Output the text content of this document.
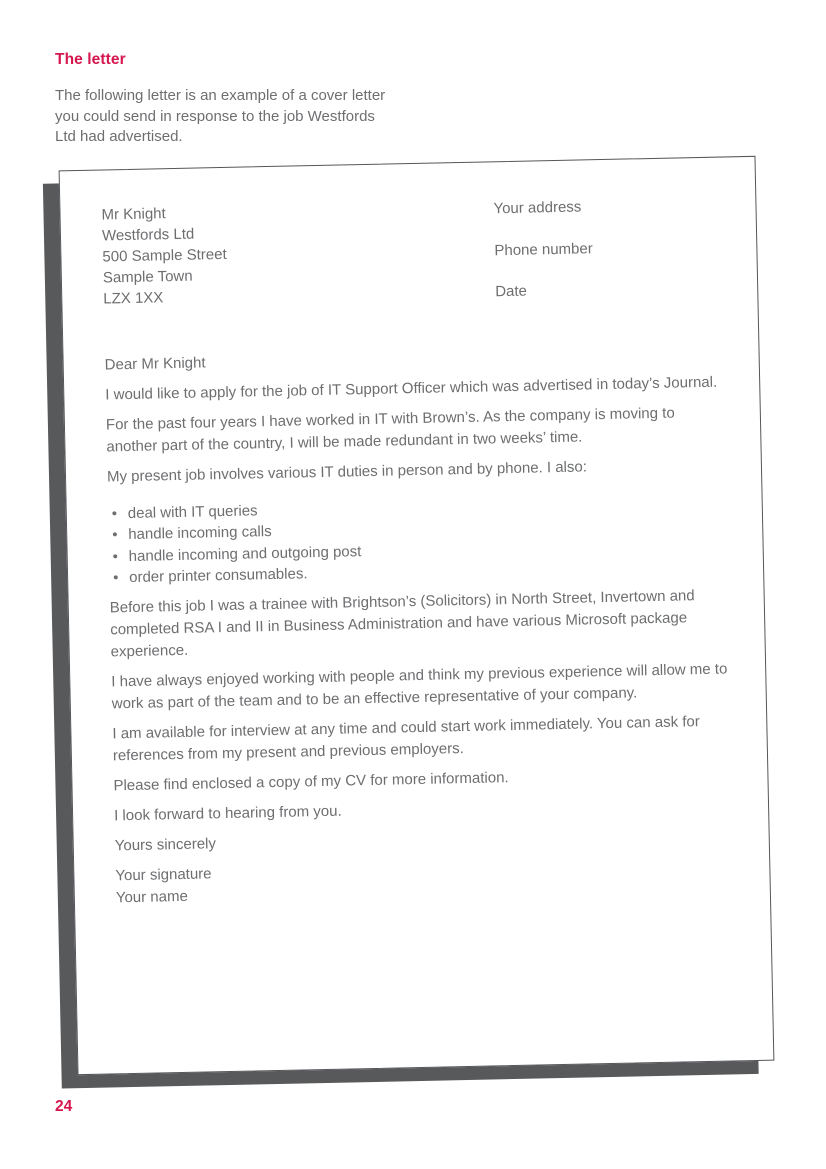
The letter

The following letter is an example of a cover letter you could send in response to the job Westfords Ltd had advertised.

Mr Knight
Westfords Ltd
500 Sample Street
Sample Town
LZX 1XX
Your address
Phone number
Date

Dear Mr Knight

I would like to apply for the job of IT Support Officer which was advertised in today’s Journal.

For the past four years I have worked in IT with Brown’s. As the company is moving to another part of the country, I will be made redundant in two weeks’ time.

My present job involves various IT duties in person and by phone. I also:

• deal with IT queries
• handle incoming calls
• handle incoming and outgoing post
• order printer consumables.

Before this job I was a trainee with Brightson’s (Solicitors) in North Street, Invertown and completed RSA I and II in Business Administration and have various Microsoft package experience.

I have always enjoyed working with people and think my previous experience will allow me to work as part of the team and to be an effective representative of your company.

I am available for interview at any time and could start work immediately. You can ask for references from my present and previous employers.

Please find enclosed a copy of my CV for more information.

I look forward to hearing from you.

Yours sincerely

Your signature

Your name

24
